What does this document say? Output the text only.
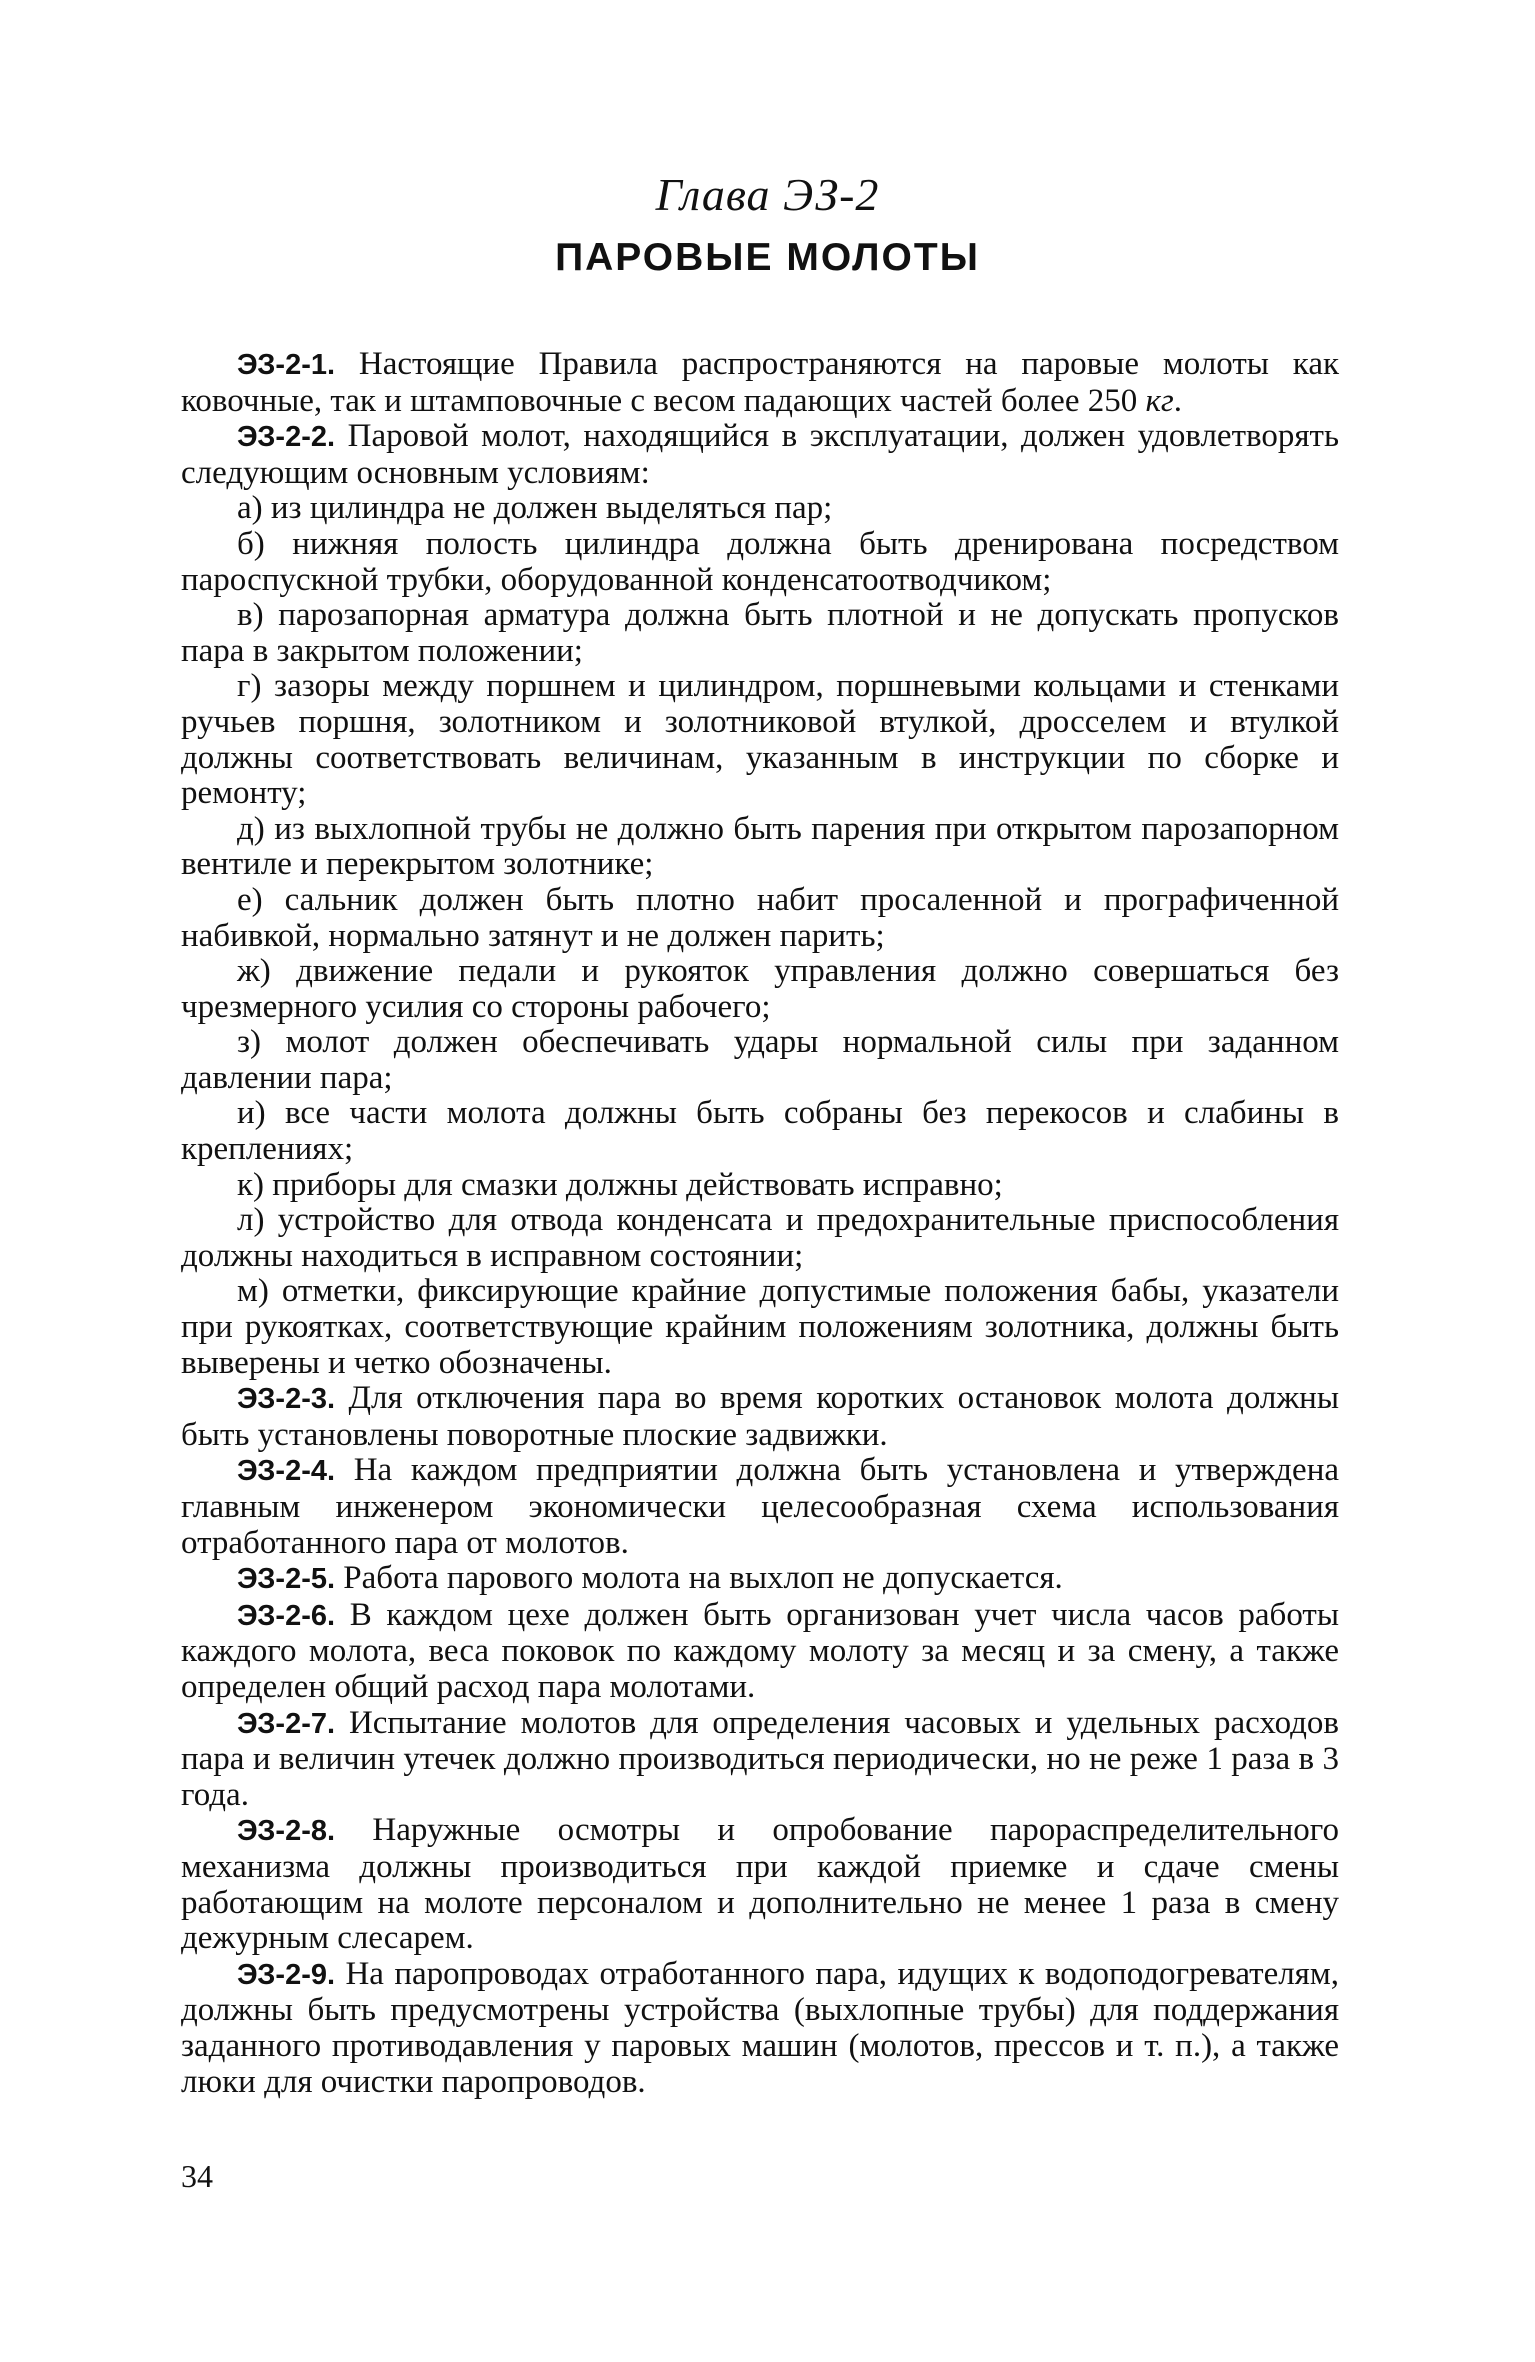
Глава ЭЗ-2
ПАРОВЫЕ МОЛОТЫ

ЭЗ-2-1. Настоящие Правила распространяются на паровые молоты как ковочные, так и штамповочные с весом падающих частей более 250 кг.

ЭЗ-2-2. Паровой молот, находящийся в эксплуатации, должен удовлетворять следующим основным условиям:

а) из цилиндра не должен выделяться пар;

б) нижняя полость цилиндра должна быть дренирована посредством пароспускной трубки, оборудованной конденсатоотводчиком;

в) парозапорная арматура должна быть плотной и не допускать пропусков пара в закрытом положении;

г) зазоры между поршнем и цилиндром, поршневыми кольцами и стенками ручьев поршня, золотником и золотниковой втулкой, дросселем и втулкой должны соответствовать величинам, указанным в инструкции по сборке и ремонту;

д) из выхлопной трубы не должно быть парения при открытом парозапорном вентиле и перекрытом золотнике;

е) сальник должен быть плотно набит просаленной и прографиченной набивкой, нормально затянут и не должен парить;

ж) движение педали и рукояток управления должно совершаться без чрезмерного усилия со стороны рабочего;

з) молот должен обеспечивать удары нормальной силы при заданном давлении пара;

и) все части молота должны быть собраны без перекосов и слабины в креплениях;

к) приборы для смазки должны действовать исправно;

л) устройство для отвода конденсата и предохранительные приспособления должны находиться в исправном состоянии;

м) отметки, фиксирующие крайние допустимые положения бабы, указатели при рукоятках, соответствующие крайним положениям золотника, должны быть выверены и четко обозначены.

ЭЗ-2-3. Для отключения пара во время коротких остановок молота должны быть установлены поворотные плоские задвижки.

ЭЗ-2-4. На каждом предприятии должна быть установлена и утверждена главным инженером экономически целесообразная схема использования отработанного пара от молотов.

ЭЗ-2-5. Работа парового молота на выхлоп не допускается.

ЭЗ-2-6. В каждом цехе должен быть организован учет числа часов работы каждого молота, веса поковок по каждому молоту за месяц и за смену, а также определен общий расход пара молотами.

ЭЗ-2-7. Испытание молотов для определения часовых и удельных расходов пара и величин утечек должно производиться периодически, но не реже 1 раза в 3 года.

ЭЗ-2-8. Наружные осмотры и опробование парораспределительного механизма должны производиться при каждой приемке и сдаче смены работающим на молоте персоналом и дополнительно не менее 1 раза в смену дежурным слесарем.

ЭЗ-2-9. На паропроводах отработанного пара, идущих к водоподогревателям, должны быть предусмотрены устройства (выхлопные трубы) для поддержания заданного противодавления у паровых машин (молотов, прессов и т. п.), а также люки для очистки паропроводов.

34
